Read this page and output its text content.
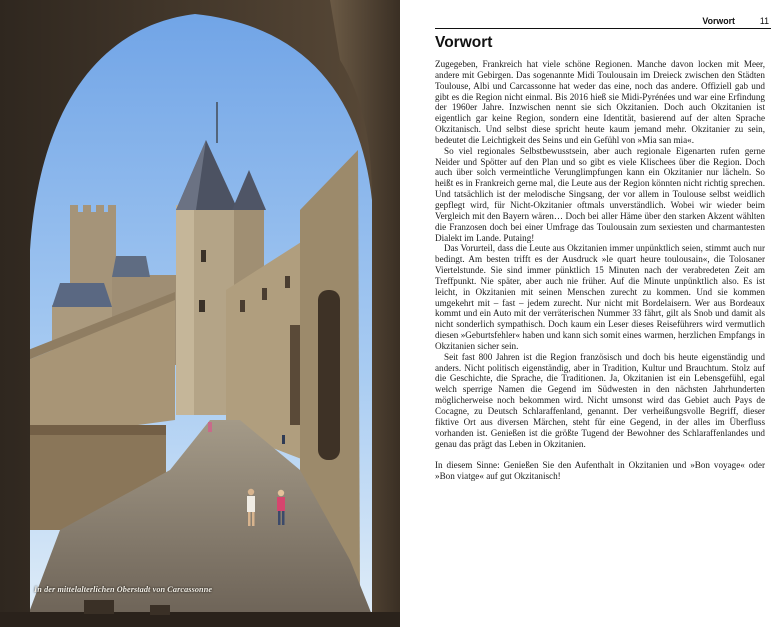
In der mittelalterlichen Oberstadt von Carcassonne
Vorwort	11
Vorwort

Zugegeben, Frankreich hat viele schöne Regionen. Manche davon locken mit Meer, andere mit Gebirgen. Das sogenannte Midi Toulousain im Dreieck zwischen den Städten Toulouse, Albi und Carcassonne hat weder das eine, noch das andere. Offiziell gab und gibt es die Region nicht einmal. Bis 2016 hieß sie Midi-Pyrénées und war eine Erfindung der 1960er Jahre. Inzwischen nennt sie sich Okzitanien. Doch auch Okzitanien ist eigentlich gar keine Region, sondern eine Identität, basierend auf der alten Sprache Okzitanisch. Und selbst diese spricht heute kaum jemand mehr. Okzitanier zu sein, bedeutet die Leichtigkeit des Seins und ein Gefühl von »Mia san mia«.

So viel regionales Selbstbewusstsein, aber auch regionale Eigenarten rufen gerne Neider und Spötter auf den Plan und so gibt es viele Klischees über die Region. Doch auch über solch vermeintliche Verunglimpfungen kann ein Okzitanier nur lächeln. So heißt es in Frankreich gerne mal, die Leute aus der Region könnten nicht richtig sprechen. Und tatsächlich ist der melodische Singsang, der vor allem in Toulouse selbst weidlich gepflegt wird, für Nicht-Okzitanier oftmals unverständlich. Wobei wir wieder beim Vergleich mit den Bayern wären… Doch bei aller Häme über den starken Akzent wählten die Franzosen doch bei einer Umfrage das Toulousain zum sexiesten und charmantesten Dialekt im Lande. Putaing!

Das Vorurteil, dass die Leute aus Okzitanien immer unpünktlich seien, stimmt auch nur bedingt. Am besten trifft es der Ausdruck »le quart heure toulousain«, die Tolosaner Viertelstunde. Sie sind immer pünktlich 15 Minuten nach der verabredeten Zeit am Treffpunkt. Nie später, aber auch nie früher. Auf die Minute unpünktlich also. Es ist leicht, in Okzitanien mit seinen Menschen zurecht zu kommen. Und sie kommen umgekehrt mit – fast – jedem zurecht. Nur nicht mit Bordelaisern. Wer aus Bordeaux kommt und ein Auto mit der verräterischen Nummer 33 fährt, gilt als Snob und damit als nicht sonderlich sympathisch. Doch kaum ein Leser dieses Reiseführers wird vermutlich diesen »Geburtsfehler« haben und kann sich somit eines warmen, herzlichen Empfangs in Okzitanien sicher sein.

Seit fast 800 Jahren ist die Region französisch und doch bis heute eigenständig und anders. Nicht politisch eigenständig, aber in Tradition, Kultur und Brauchtum. Stolz auf die Geschichte, die Sprache, die Traditionen. Ja, Okzitanien ist ein Lebensgefühl, egal welch sperrige Namen die Gegend im Südwesten in den nächsten Jahrhunderten möglicherweise noch bekommen wird. Nicht umsonst wird das Gebiet auch Pays de Cocagne, zu Deutsch Schlaraffenland, genannt. Der verheißungsvolle Begriff, dieser fiktive Ort aus diversen Märchen, steht für eine Gegend, in der alles im Überfluss vorhanden ist. Genießen ist die größte Tugend der Bewohner des Schlaraffenlandes und genau das prägt das Leben in Okzitanien.

In diesem Sinne: Genießen Sie den Aufenthalt in Okzitanien und »Bon voyage« oder »Bon viatge« auf gut Okzitanisch!
